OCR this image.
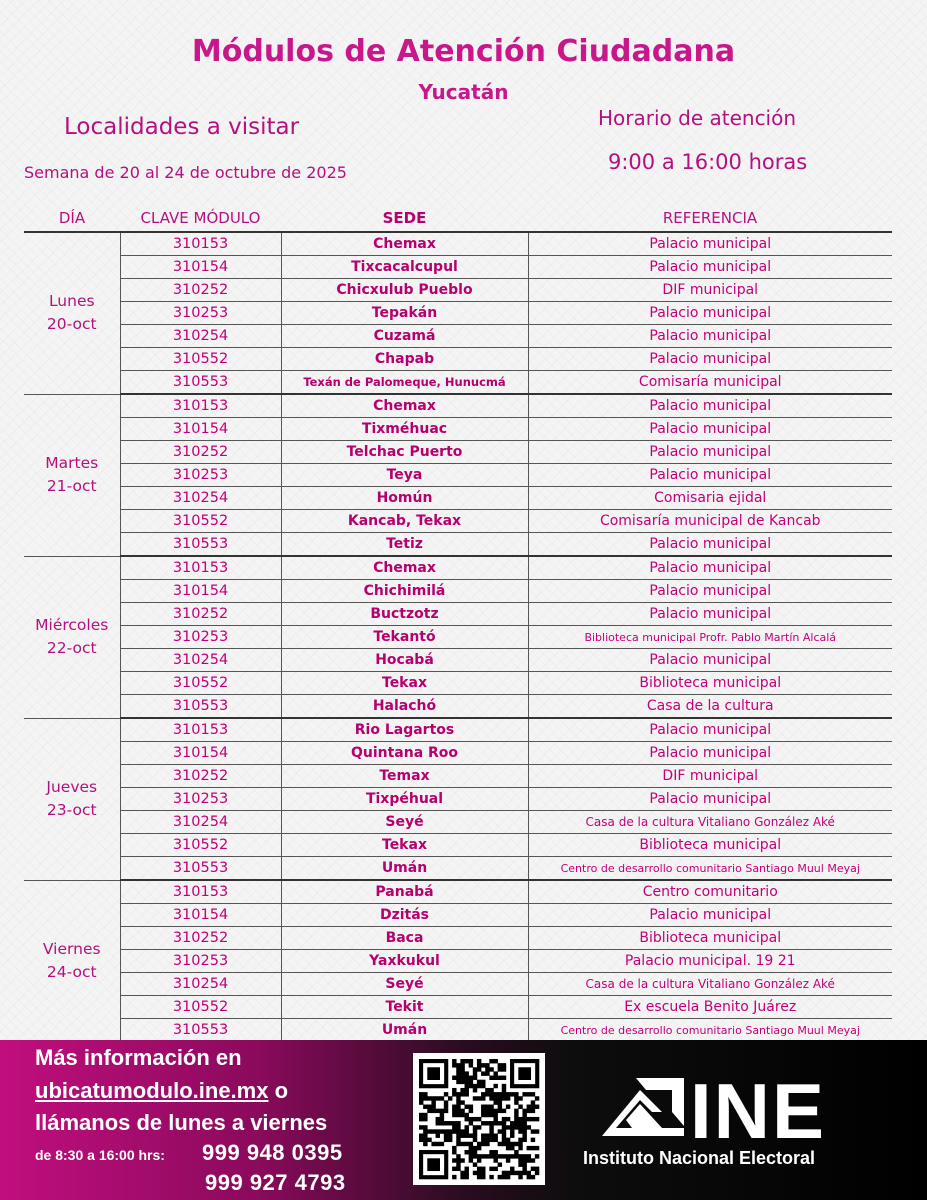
Módulos de Atención Ciudadana
Yucatán
Localidades a visitar
Semana de 20 al 24 de octubre de 2025
Horario de atención
9:00 a 16:00 horas
DÍA	CLAVE MÓDULO	SEDE	REFERENCIA

Lunes
20-oct	310153	Chemax	Palacio municipal
	310154	Tixcacalcupul	Palacio municipal
	310252	Chicxulub Pueblo	DIF municipal
	310253	Tepakán	Palacio municipal
	310254	Cuzamá	Palacio municipal
	310552	Chapab	Palacio municipal
	310553	Texán de Palomeque, Hunucmá	Comisaría municipal

Martes
21-oct	310153	Chemax	Palacio municipal
	310154	Tixméhuac	Palacio municipal
	310252	Telchac Puerto	Palacio municipal
	310253	Teya	Palacio municipal
	310254	Homún	Comisaria ejidal
	310552	Kancab, Tekax	Comisaría municipal de Kancab
	310553	Tetiz	Palacio municipal

Miércoles
22-oct	310153	Chemax	Palacio municipal
	310154	Chichimilá	Palacio municipal
	310252	Buctzotz	Palacio municipal
	310253	Tekantó	Biblioteca municipal Profr. Pablo Martín Alcalá
	310254	Hocabá	Palacio municipal
	310552	Tekax	Biblioteca municipal
	310553	Halachó	Casa de la cultura

Jueves
23-oct	310153	Rio Lagartos	Palacio municipal
	310154	Quintana Roo	Palacio municipal
	310252	Temax	DIF municipal
	310253	Tixpéhual	Palacio municipal
	310254	Seyé	Casa de la cultura Vitaliano González Aké
	310552	Tekax	Biblioteca municipal
	310553	Umán	Centro de desarrollo comunitario Santiago Muul Meyaj

Viernes
24-oct	310153	Panabá	Centro comunitario
	310154	Dzitás	Palacio municipal
	310252	Baca	Biblioteca municipal
	310253	Yaxkukul	Palacio municipal. 19 21
	310254	Seyé	Casa de la cultura Vitaliano González Aké
	310552	Tekit	Ex escuela Benito Juárez
	310553	Umán	Centro de desarrollo comunitario Santiago Muul Meyaj
Más información en
ubicatumodulo.ine.mx o
llámanos de lunes a viernes
de 8:30 a 16:00 hrs: 999 948 0395
999 927 4793
INE
Instituto Nacional Electoral
